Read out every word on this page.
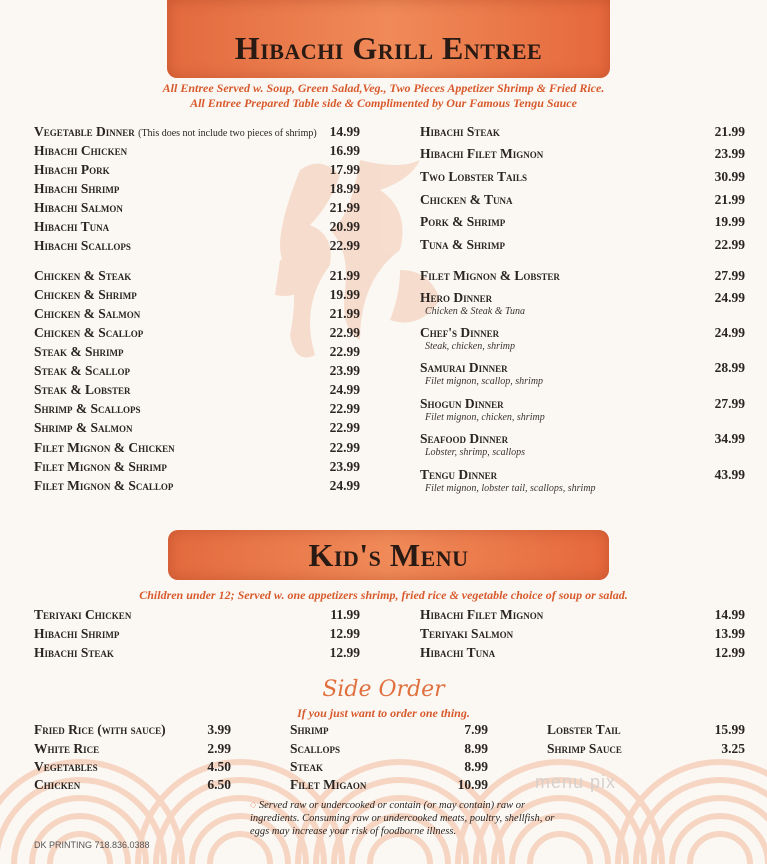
Hibachi Grill Entree
All Entree Served w. Soup, Green Salad,Veg., Two Pieces Appetizer Shrimp & Fried Rice.
All Entree Prepared Table side & Complimented by Our Famous Tengu Sauce
Vegetable Dinner (This does not include two pieces of shrimp) 14.99
Hibachi Chicken	16.99
Hibachi Pork	17.99
Hibachi Shrimp	18.99
Hibachi Salmon	21.99
Hibachi Tuna	20.99
Hibachi Scallops	22.99
Chicken & Steak	21.99
Chicken & Shrimp	19.99
Chicken & Salmon	21.99
Chicken & Scallop	22.99
Steak & Shrimp	22.99
Steak & Scallop	23.99
Steak & Lobster	24.99
Shrimp & Scallops	22.99
Shrimp & Salmon	22.99
Filet Mignon & Chicken	22.99
Filet Mignon & Shrimp	23.99
Filet Mignon & Scallop	24.99
Hibachi Steak	21.99
Hibachi Filet Mignon	23.99
Two Lobster Tails	30.99
Chicken & Tuna	21.99
Pork & Shrimp	19.99
Tuna & Shrimp	22.99
Filet Mignon & Lobster	27.99
Hero Dinner	24.99
Chicken & Steak & Tuna
Chef's Dinner	24.99
Steak, chicken, shrimp
Samurai Dinner	28.99
Filet mignon, scallop, shrimp
Shogun Dinner	27.99
Filet mignon, chicken, shrimp
Seafood Dinner	34.99
Lobster, shrimp, scallops
Tengu Dinner	43.99
Filet mignon, lobster tail, scallops, shrimp
Kid's Menu
Children under 12; Served w. one appetizers shrimp, fried rice & vegetable choice of soup or salad.
Teriyaki Chicken	11.99
Hibachi Shrimp	12.99
Hibachi Steak	12.99
Hibachi Filet Mignon	14.99
Teriyaki Salmon	13.99
Hibachi Tuna	12.99
Side Order
If you just want to order one thing.
Fried Rice (with sauce)	3.99
White Rice	2.99
Vegetables	4.50
Chicken	6.50
Shrimp	7.99
Scallops	8.99
Steak	8.99
Filet Migaon	10.99
Lobster Tail	15.99
Shrimp Sauce	3.25
◌ Served raw or undercooked or contain (or may contain) raw or ingredients. Consuming raw or undercooked meats, poultry, shellfish, or eggs may increase your risk of foodborne illness.
DK PRINTING 718.836.0388
menu pix
